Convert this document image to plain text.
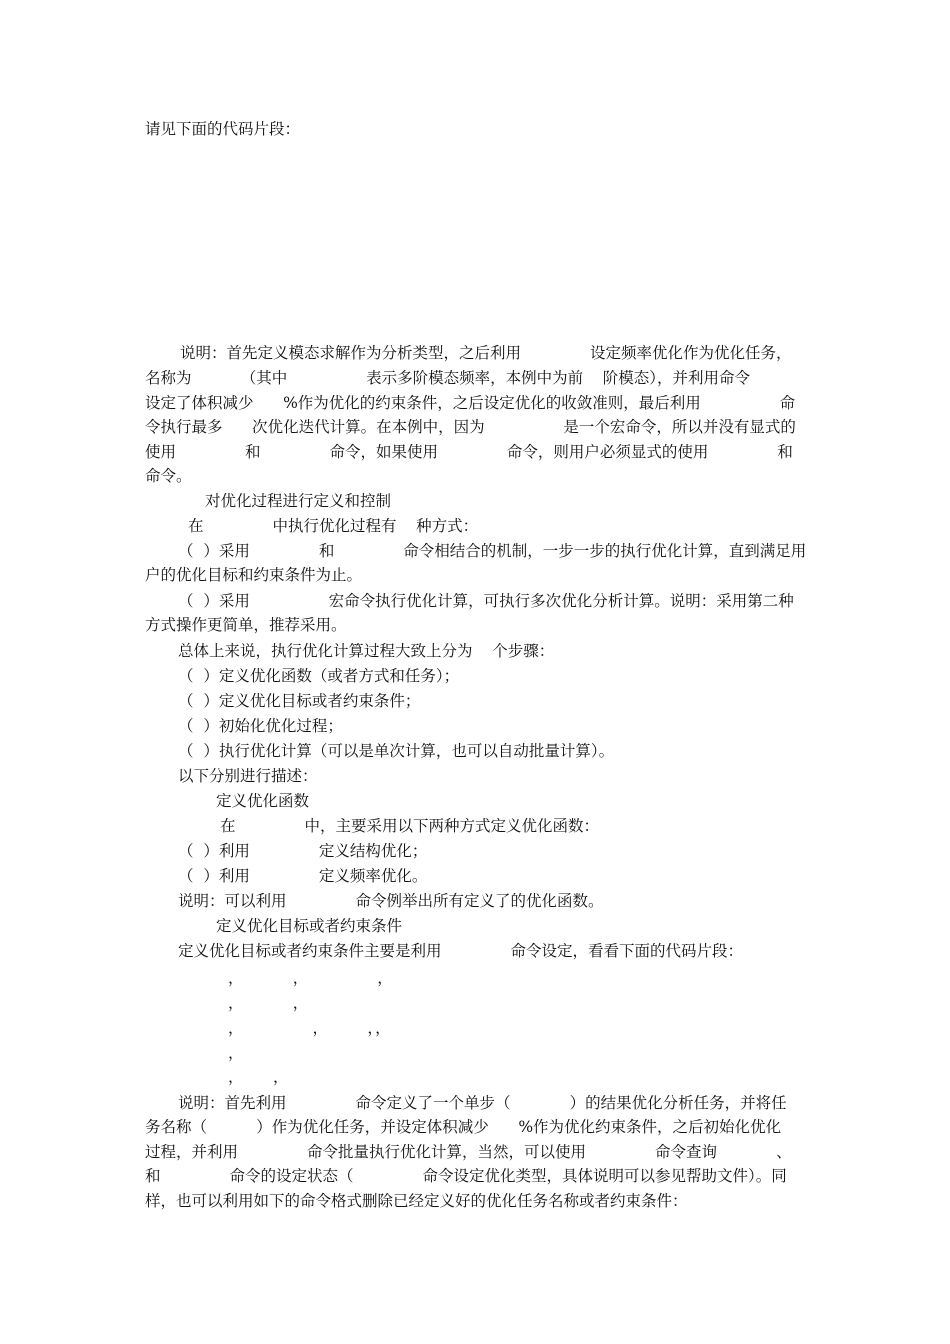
请见下面的代码片段：
说明：首先定义模态求解作为分析类型，之后利用              设定频率优化作为优化任务，
名称为          （其中                表示多阶模态频率，本例中为前    阶模态），并利用命令
设定了体积减少      %作为优化的约束条件，之后设定优化的收敛准则，最后利用                命
令执行最多      次优化迭代计算。在本例中，因为                是一个宏命令，所以并没有显式的
使用              和              命令，如果使用              命令，则用户必须显式的使用              和
命令。
对优化过程进行定义和控制
在              中执行优化过程有    种方式：
（  ）采用              和              命令相结合的机制，一步一步的执行优化计算，直到满足用
户的优化目标和约束条件为止。
（  ）采用                宏命令执行优化计算，可执行多次优化分析计算。说明：采用第二种
方式操作更简单，推荐采用。
总体上来说，执行优化计算过程大致上分为    个步骤：
（  ）定义优化函数（或者方式和任务）；
（  ）定义优化目标或者约束条件；
（  ）初始化优化过程；
（  ）执行优化计算（可以是单次计算，也可以自动批量计算）。
以下分别进行描述：
定义优化函数
在              中，主要采用以下两种方式定义优化函数：
（  ）利用              定义结构优化；
（  ）利用              定义频率优化。
说明：可以利用              命令例举出所有定义了的优化函数。
定义优化目标或者约束条件
定义优化目标或者约束条件主要是利用              命令设定，看看下面的代码片段：
，          ，              ，
，          ，
，              ，        ，，
，
，      ，
说明：首先利用              命令定义了一个单步（            ）的结果优化分析任务，并将任
务名称（          ）作为优化任务，并设定体积减少      %作为优化约束条件，之后初始化优化
过程，并利用              命令批量执行优化计算，当然，可以使用              命令查询            、
和              命令的设定状态（              命令设定优化类型，具体说明可以参见帮助文件）。同
样，也可以利用如下的命令格式删除已经定义好的优化任务名称或者约束条件：
